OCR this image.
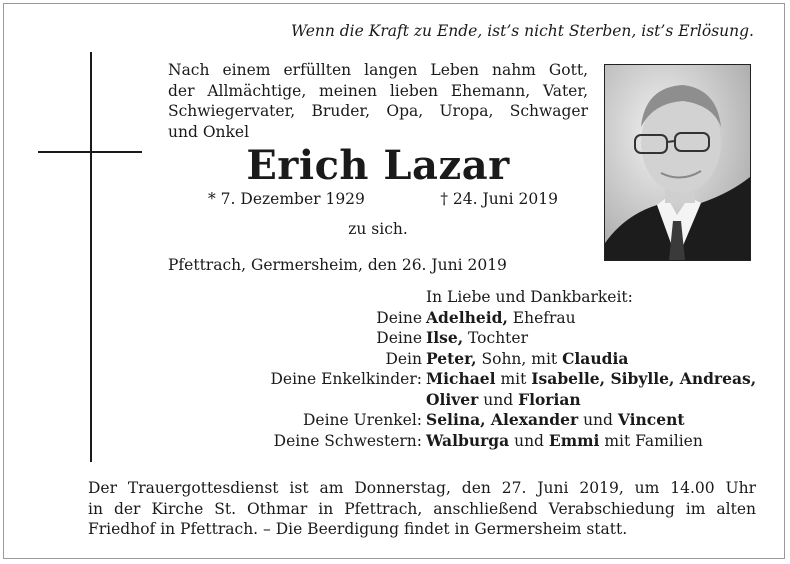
Wenn die Kraft zu Ende, ist’s nicht Sterben, ist’s Erlösung.
Nach einem erfüllten langen Leben nahm Gott,
der Allmächtige, meinen lieben Ehemann, Vater,
Schwiegervater, Bruder, Opa, Uropa, Schwager
und Onkel
Erich Lazar
* 7. Dezember 1929	† 24. Juni 2019
zu sich.
Pfettrach, Germersheim, den 26. Juni 2019
In Liebe und Dankbarkeit:
Deine Adelheid, Ehefrau
Deine Ilse, Tochter
Dein Peter, Sohn, mit Claudia
Deine Enkelkinder: Michael mit Isabelle, Sibylle, Andreas,
Oliver und Florian
Deine Urenkel: Selina, Alexander und Vincent
Deine Schwestern: Walburga und Emmi mit Familien
Der Trauergottesdienst ist am Donnerstag, den 27. Juni 2019, um 14.00 Uhr
in der Kirche St. Othmar in Pfettrach, anschließend Verabschiedung im alten
Friedhof in Pfettrach. – Die Beerdigung findet in Germersheim statt.
